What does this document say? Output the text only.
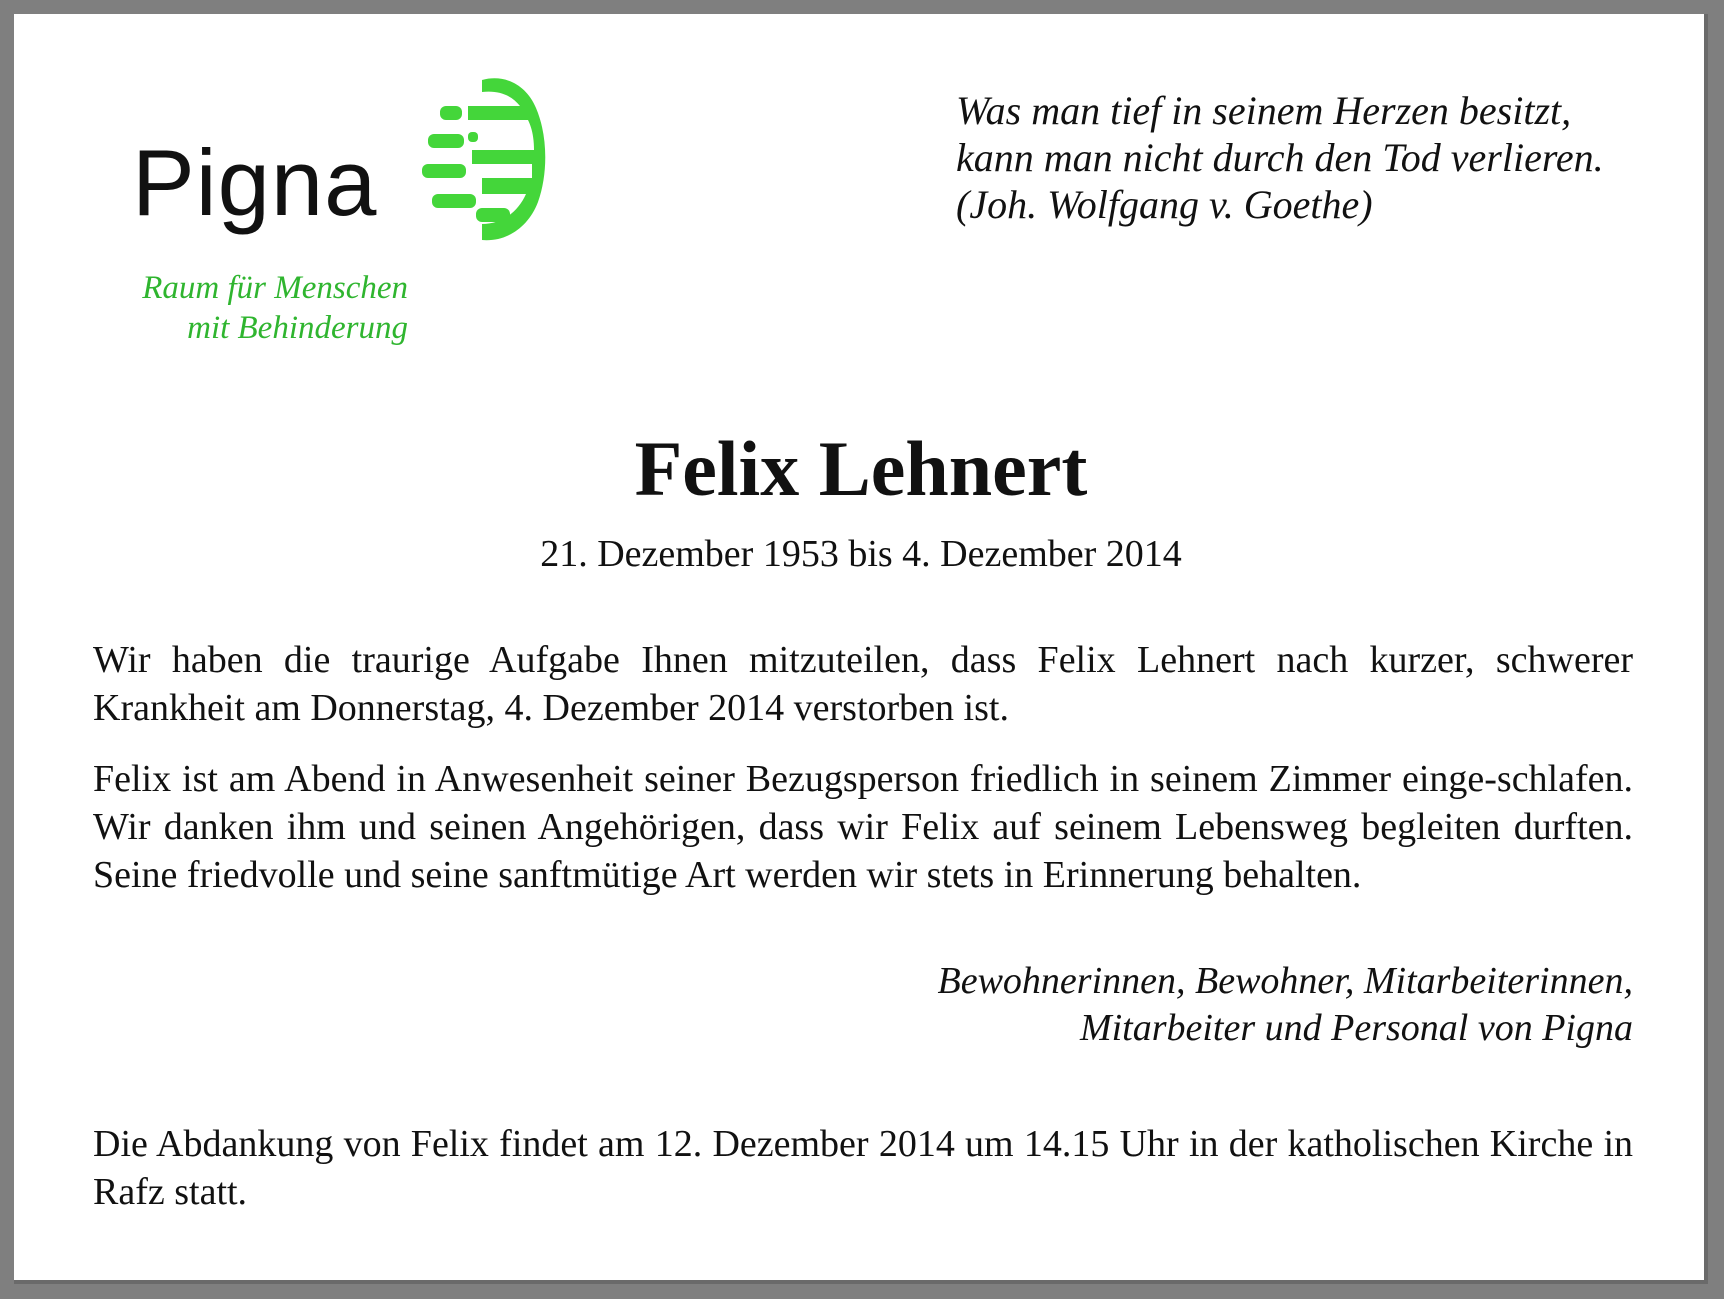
Pigna
Raum für Menschen
mit Behinderung
Was man tief in seinem Herzen besitzt,
kann man nicht durch den Tod verlieren.
(Joh. Wolfgang v. Goethe)
Felix Lehnert
21. Dezember 1953 bis 4. Dezember 2014
Wir haben die traurige Aufgabe Ihnen mitzuteilen, dass Felix Lehnert nach kurzer, schwerer Krankheit am Donnerstag, 4. Dezember 2014 verstorben ist.
Felix ist am Abend in Anwesenheit seiner Bezugsperson friedlich in seinem Zimmer einge-schlafen. Wir danken ihm und seinen Angehörigen, dass wir Felix auf seinem Lebensweg begleiten durften. Seine friedvolle und seine sanftmütige Art werden wir stets in Erinnerung behalten.
Bewohnerinnen, Bewohner, Mitarbeiterinnen,
Mitarbeiter und Personal von Pigna
Die Abdankung von Felix findet am 12. Dezember 2014 um 14.15 Uhr in der katholischen Kirche in Rafz statt.
